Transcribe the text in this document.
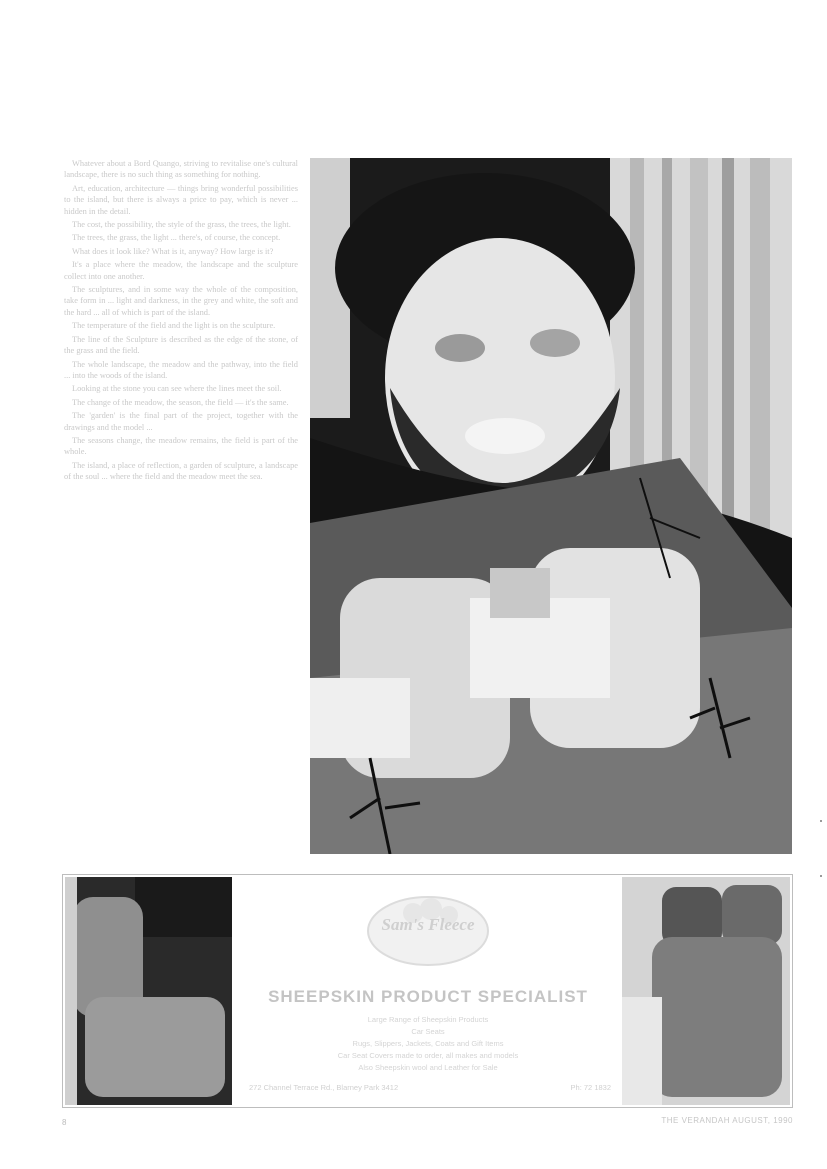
Whatever about a Bord Quango, striving to revitalise one's cultural landscape, there is no such thing as something for nothing.

Art, education, architecture — things bring wonderful possibilities to the island, but there is always a price to pay, which is never ... hidden in the detail.

The cost, the possibility, the style of the grass, the trees, the light.

The trees, the grass, the light ... there's, of course, the concept.

What does it look like? What is it, anyway? How large is it?

It's a place where the meadow, the landscape and the sculpture collect into one another.

The sculptures, and in some way the whole of the composition, take form in ... light and darkness, in the grey and white, the soft and the hard ... all of which is part of the island.

The temperature of the field and the light is on the sculpture.

The line of the Sculpture is described as the edge of the stone, of the grass and the field.

The whole landscape, the meadow and the pathway, into the field ... into the woods of the island.

Looking at the stone you can see where the lines meet the soil.

The change of the meadow, the season, the field — it's the same.

The 'garden' is the final part of the project, together with the drawings and the model ...

The seasons change, the meadow remains, the field is part of the whole.

The island, a place of reflection, a garden of sculpture, a landscape of the soul ... where the field and the meadow meet the sea.

Sam's Fleece
SHEEPSKIN PRODUCT SPECIALIST
Large Range of Sheepskin Products
Car Seats
Rugs, Slippers, Jackets, Coats and Gift Items
Car Seat Covers made to order, all makes and models
Also Sheepskin wool and Leather for Sale
272 Channel Terrace Rd., Blarney Park 3412	Ph: 72 1832
8	THE VERANDAH AUGUST, 1990
